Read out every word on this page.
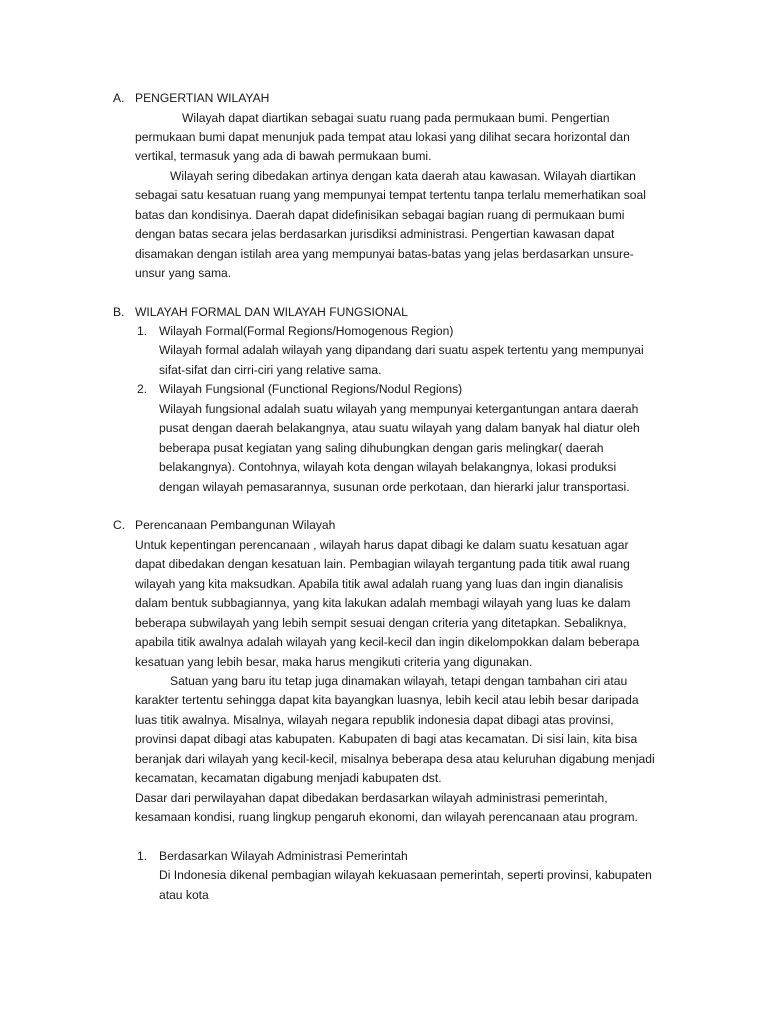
A. PENGERTIAN WILAYAH
Wilayah dapat diartikan sebagai suatu ruang pada permukaan bumi. Pengertian
permukaan bumi dapat menunjuk pada tempat atau lokasi yang dilihat secara horizontal dan
vertikal, termasuk yang ada di bawah permukaan bumi.
Wilayah sering dibedakan artinya dengan kata daerah atau kawasan. Wilayah diartikan
sebagai satu kesatuan ruang yang mempunyai tempat tertentu tanpa terlalu memerhatikan soal
batas dan kondisinya. Daerah dapat didefinisikan sebagai bagian ruang di permukaan bumi
dengan batas secara jelas berdasarkan jurisdiksi administrasi. Pengertian kawasan dapat
disamakan dengan istilah area yang mempunyai batas-batas yang jelas berdasarkan unsure-
unsur yang sama.
B. WILAYAH FORMAL DAN WILAYAH FUNGSIONAL
1. Wilayah Formal(Formal Regions/Homogenous Region)
Wilayah formal adalah wilayah yang dipandang dari suatu aspek tertentu yang mempunyai
sifat-sifat dan cirri-ciri yang relative sama.
2. Wilayah Fungsional (Functional Regions/Nodul Regions)
Wilayah fungsional adalah suatu wilayah yang mempunyai ketergantungan antara daerah
pusat dengan daerah belakangnya, atau suatu wilayah yang dalam banyak hal diatur oleh
beberapa pusat kegiatan yang saling dihubungkan dengan garis melingkar( daerah
belakangnya). Contohnya, wilayah kota dengan wilayah belakangnya, lokasi produksi
dengan wilayah pemasarannya, susunan orde perkotaan, dan hierarki jalur transportasi.
C. Perencanaan Pembangunan Wilayah
Untuk kepentingan perencanaan , wilayah harus dapat dibagi ke dalam suatu kesatuan agar
dapat dibedakan dengan kesatuan lain. Pembagian wilayah tergantung pada titik awal ruang
wilayah yang kita maksudkan. Apabila titik awal adalah ruang yang luas dan ingin dianalisis
dalam bentuk subbagiannya, yang kita lakukan adalah membagi wilayah yang luas ke dalam
beberapa subwilayah yang lebih sempit sesuai dengan criteria yang ditetapkan. Sebaliknya,
apabila titik awalnya adalah wilayah yang kecil-kecil dan ingin dikelompokkan dalam beberapa
kesatuan yang lebih besar, maka harus mengikuti criteria yang digunakan.
Satuan yang baru itu tetap juga dinamakan wilayah, tetapi dengan tambahan ciri atau
karakter tertentu sehingga dapat kita bayangkan luasnya, lebih kecil atau lebih besar daripada
luas titik awalnya. Misalnya, wilayah negara republik indonesia dapat dibagi atas provinsi,
provinsi dapat dibagi atas kabupaten. Kabupaten di bagi atas kecamatan. Di sisi lain, kita bisa
beranjak dari wilayah yang kecil-kecil, misalnya beberapa desa atau keluruhan digabung menjadi
kecamatan, kecamatan digabung menjadi kabupaten dst.
Dasar dari perwilayahan dapat dibedakan berdasarkan wilayah administrasi pemerintah,
kesamaan kondisi, ruang lingkup pengaruh ekonomi, dan wilayah perencanaan atau program.
1. Berdasarkan Wilayah Administrasi Pemerintah
Di Indonesia dikenal pembagian wilayah kekuasaan pemerintah, seperti provinsi, kabupaten
atau kota
